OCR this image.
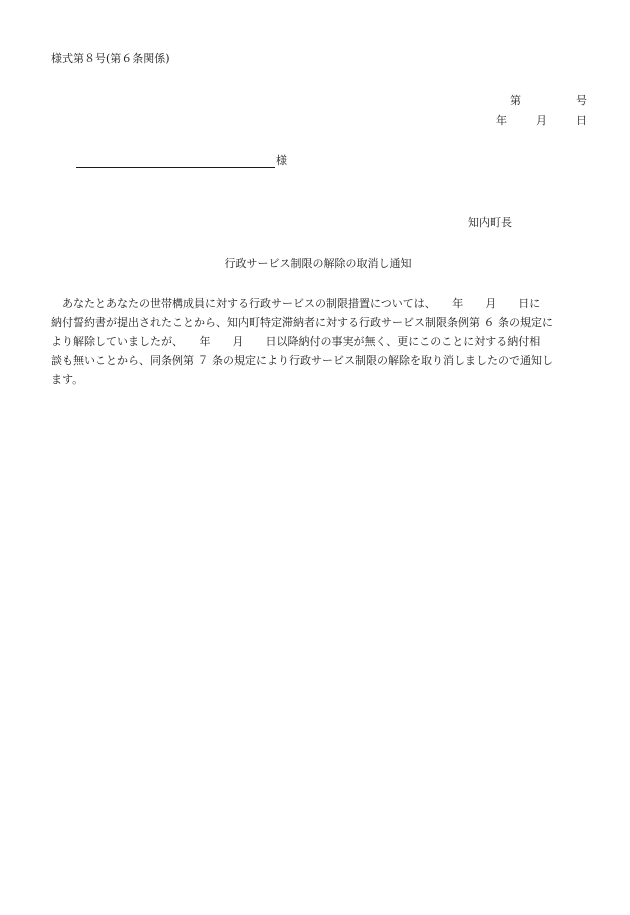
様式第８号(第６条関係)
第	号
年	月	日
様
知内町長
行政サービス制限の解除の取消し通知
あなたとあなたの世帯構成員に対する行政サービスの制限措置については、　　年　　月　　日に
納付誓約書が提出されたことから、知内町特定滞納者に対する行政サービス制限条例第 ６ 条の規定に
より解除していましたが、　　年　　月　　日以降納付の事実が無く、更にこのことに対する納付相
談も無いことから、同条例第 ７ 条の規定により行政サービス制限の解除を取り消しましたので通知し
ます。
